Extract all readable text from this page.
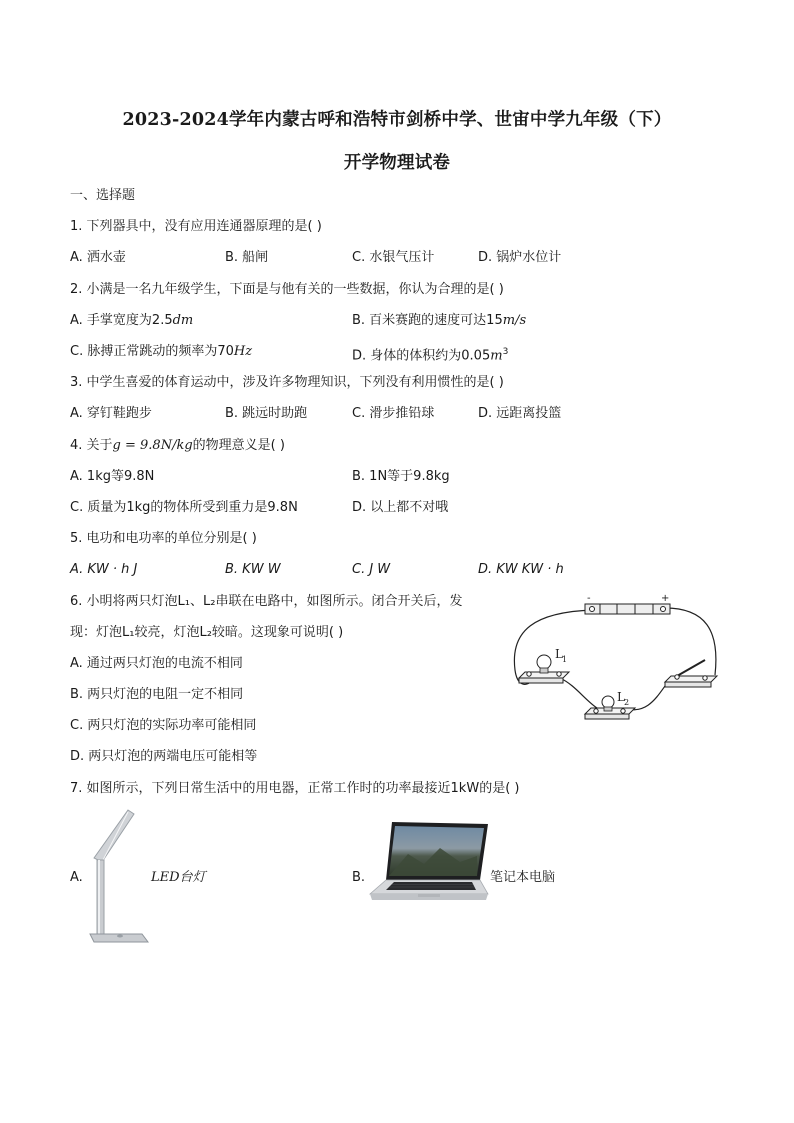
2023-2024学年内蒙古呼和浩特市剑桥中学、世宙中学九年级（下）
开学物理试卷
一、选择题
1. 下列器具中，没有应用连通器原理的是( )
A. 洒水壶	B. 船闸	C. 水银气压计	D. 锅炉水位计
2. 小满是一名九年级学生，下面是与他有关的一些数据，你认为合理的是( )
A. 手掌宽度为2.5dm	B. 百米赛跑的速度可达15m/s
C. 脉搏正常跳动的频率为70Hz	D. 身体的体积约为$0.05m^3$
3. 中学生喜爱的体育运动中，涉及许多物理知识，下列没有利用惯性的是( )
A. 穿钉鞋跑步	B. 跳远时助跑	C. 滑步推铅球	D. 远距离投篮
4. 关于g = 9.8N/kg的物理意义是( )
A. 1kg等9.8N	B. 1N等于9.8kg
C. 质量为1kg的物体所受到重力是9.8N	D. 以上都不对哦
5. 电功和电功率的单位分别是( )
A. KW · h J	B. KW W	C. J W	D. KW KW · h
6. 小明将两只灯泡L₁、L₂串联在电路中，如图所示。闭合开关后，发
现：灯泡L₁较亮，灯泡L₂较暗。这现象可说明( )
A. 通过两只灯泡的电流不相同
B. 两只灯泡的电阻一定不相同
C. 两只灯泡的实际功率可能相同
D. 两只灯泡的两端电压可能相等
-	+
L 1
L 2
7. 如图所示，下列日常生活中的用电器，正常工作时的功率最接近1kW的是( )
A.	LED台灯	B.	笔记本电脑
